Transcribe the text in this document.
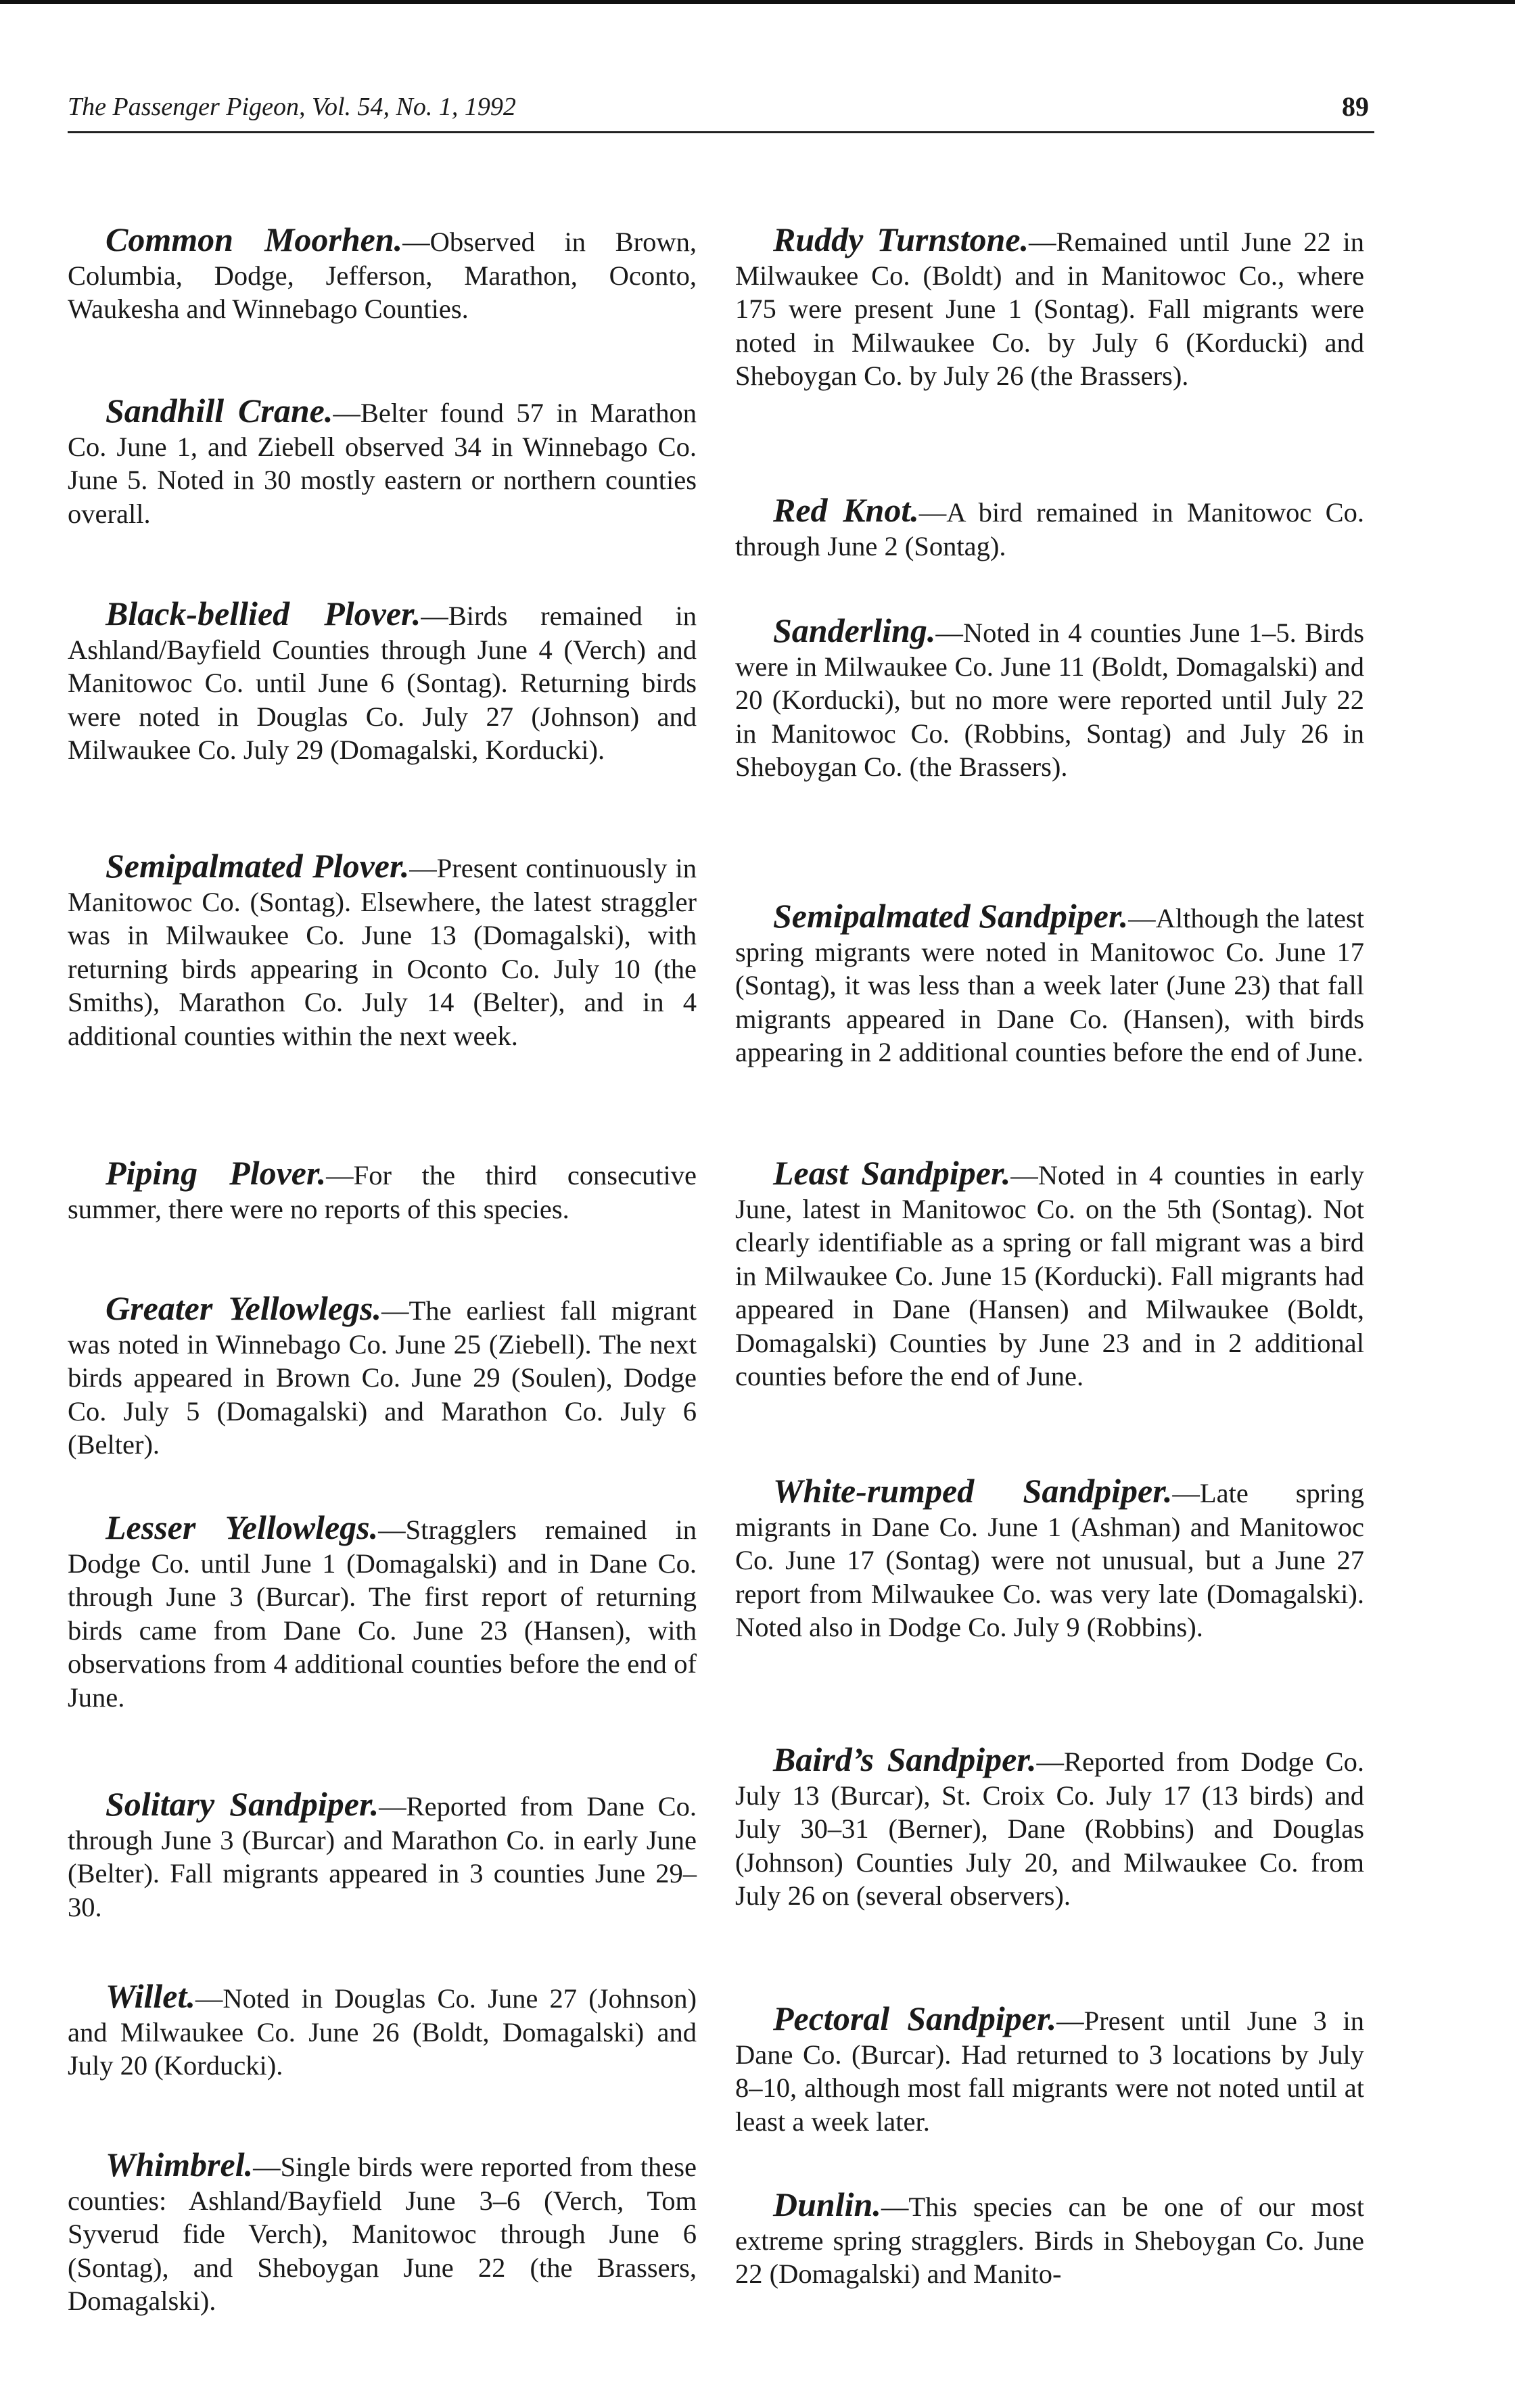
The Passenger Pigeon, Vol. 54, No. 1, 1992	89

Common Moorhen.—Observed in Brown, Columbia, Dodge, Jefferson, Marathon, Oconto, Waukesha and Winnebago Counties.

Sandhill Crane.—Belter found 57 in Marathon Co. June 1, and Ziebell observed 34 in Winnebago Co. June 5. Noted in 30 mostly eastern or northern counties overall.

Black-bellied Plover.—Birds remained in Ashland/Bayfield Counties through June 4 (Verch) and Manitowoc Co. until June 6 (Sontag). Returning birds were noted in Douglas Co. July 27 (Johnson) and Milwaukee Co. July 29 (Domagalski, Korducki).

Semipalmated Plover.—Present continuously in Manitowoc Co. (Sontag). Elsewhere, the latest straggler was in Milwaukee Co. June 13 (Domagalski), with returning birds appearing in Oconto Co. July 10 (the Smiths), Marathon Co. July 14 (Belter), and in 4 additional counties within the next week.

Piping Plover.—For the third consecutive summer, there were no reports of this species.

Greater Yellowlegs.—The earliest fall migrant was noted in Winnebago Co. June 25 (Ziebell). The next birds appeared in Brown Co. June 29 (Soulen), Dodge Co. July 5 (Domagalski) and Marathon Co. July 6 (Belter).

Lesser Yellowlegs.—Stragglers remained in Dodge Co. until June 1 (Domagalski) and in Dane Co. through June 3 (Burcar). The first report of returning birds came from Dane Co. June 23 (Hansen), with observations from 4 additional counties before the end of June.

Solitary Sandpiper.—Reported from Dane Co. through June 3 (Burcar) and Marathon Co. in early June (Belter). Fall migrants appeared in 3 counties June 29–30.

Willet.—Noted in Douglas Co. June 27 (Johnson) and Milwaukee Co. June 26 (Boldt, Domagalski) and July 20 (Korducki).

Whimbrel.—Single birds were reported from these counties: Ashland/Bayfield June 3–6 (Verch, Tom Syverud fide Verch), Manitowoc through June 6 (Sontag), and Sheboygan June 22 (the Brassers, Domagalski).

Ruddy Turnstone.—Remained until June 22 in Milwaukee Co. (Boldt) and in Manitowoc Co., where 175 were present June 1 (Sontag). Fall migrants were noted in Milwaukee Co. by July 6 (Korducki) and Sheboygan Co. by July 26 (the Brassers).

Red Knot.—A bird remained in Manitowoc Co. through June 2 (Sontag).

Sanderling.—Noted in 4 counties June 1–5. Birds were in Milwaukee Co. June 11 (Boldt, Domagalski) and 20 (Korducki), but no more were reported until July 22 in Manitowoc Co. (Robbins, Sontag) and July 26 in Sheboygan Co. (the Brassers).

Semipalmated Sandpiper.—Although the latest spring migrants were noted in Manitowoc Co. June 17 (Sontag), it was less than a week later (June 23) that fall migrants appeared in Dane Co. (Hansen), with birds appearing in 2 additional counties before the end of June.

Least Sandpiper.—Noted in 4 counties in early June, latest in Manitowoc Co. on the 5th (Sontag). Not clearly identifiable as a spring or fall migrant was a bird in Milwaukee Co. June 15 (Korducki). Fall migrants had appeared in Dane (Hansen) and Milwaukee (Boldt, Domagalski) Counties by June 23 and in 2 additional counties before the end of June.

White-rumped Sandpiper.—Late spring migrants in Dane Co. June 1 (Ashman) and Manitowoc Co. June 17 (Sontag) were not unusual, but a June 27 report from Milwaukee Co. was very late (Domagalski). Noted also in Dodge Co. July 9 (Robbins).

Baird’s Sandpiper.—Reported from Dodge Co. July 13 (Burcar), St. Croix Co. July 17 (13 birds) and July 30–31 (Berner), Dane (Robbins) and Douglas (Johnson) Counties July 20, and Milwaukee Co. from July 26 on (several observers).

Pectoral Sandpiper.—Present until June 3 in Dane Co. (Burcar). Had returned to 3 locations by July 8–10, although most fall migrants were not noted until at least a week later.

Dunlin.—This species can be one of our most extreme spring stragglers. Birds in Sheboygan Co. June 22 (Domagalski) and Manito-
